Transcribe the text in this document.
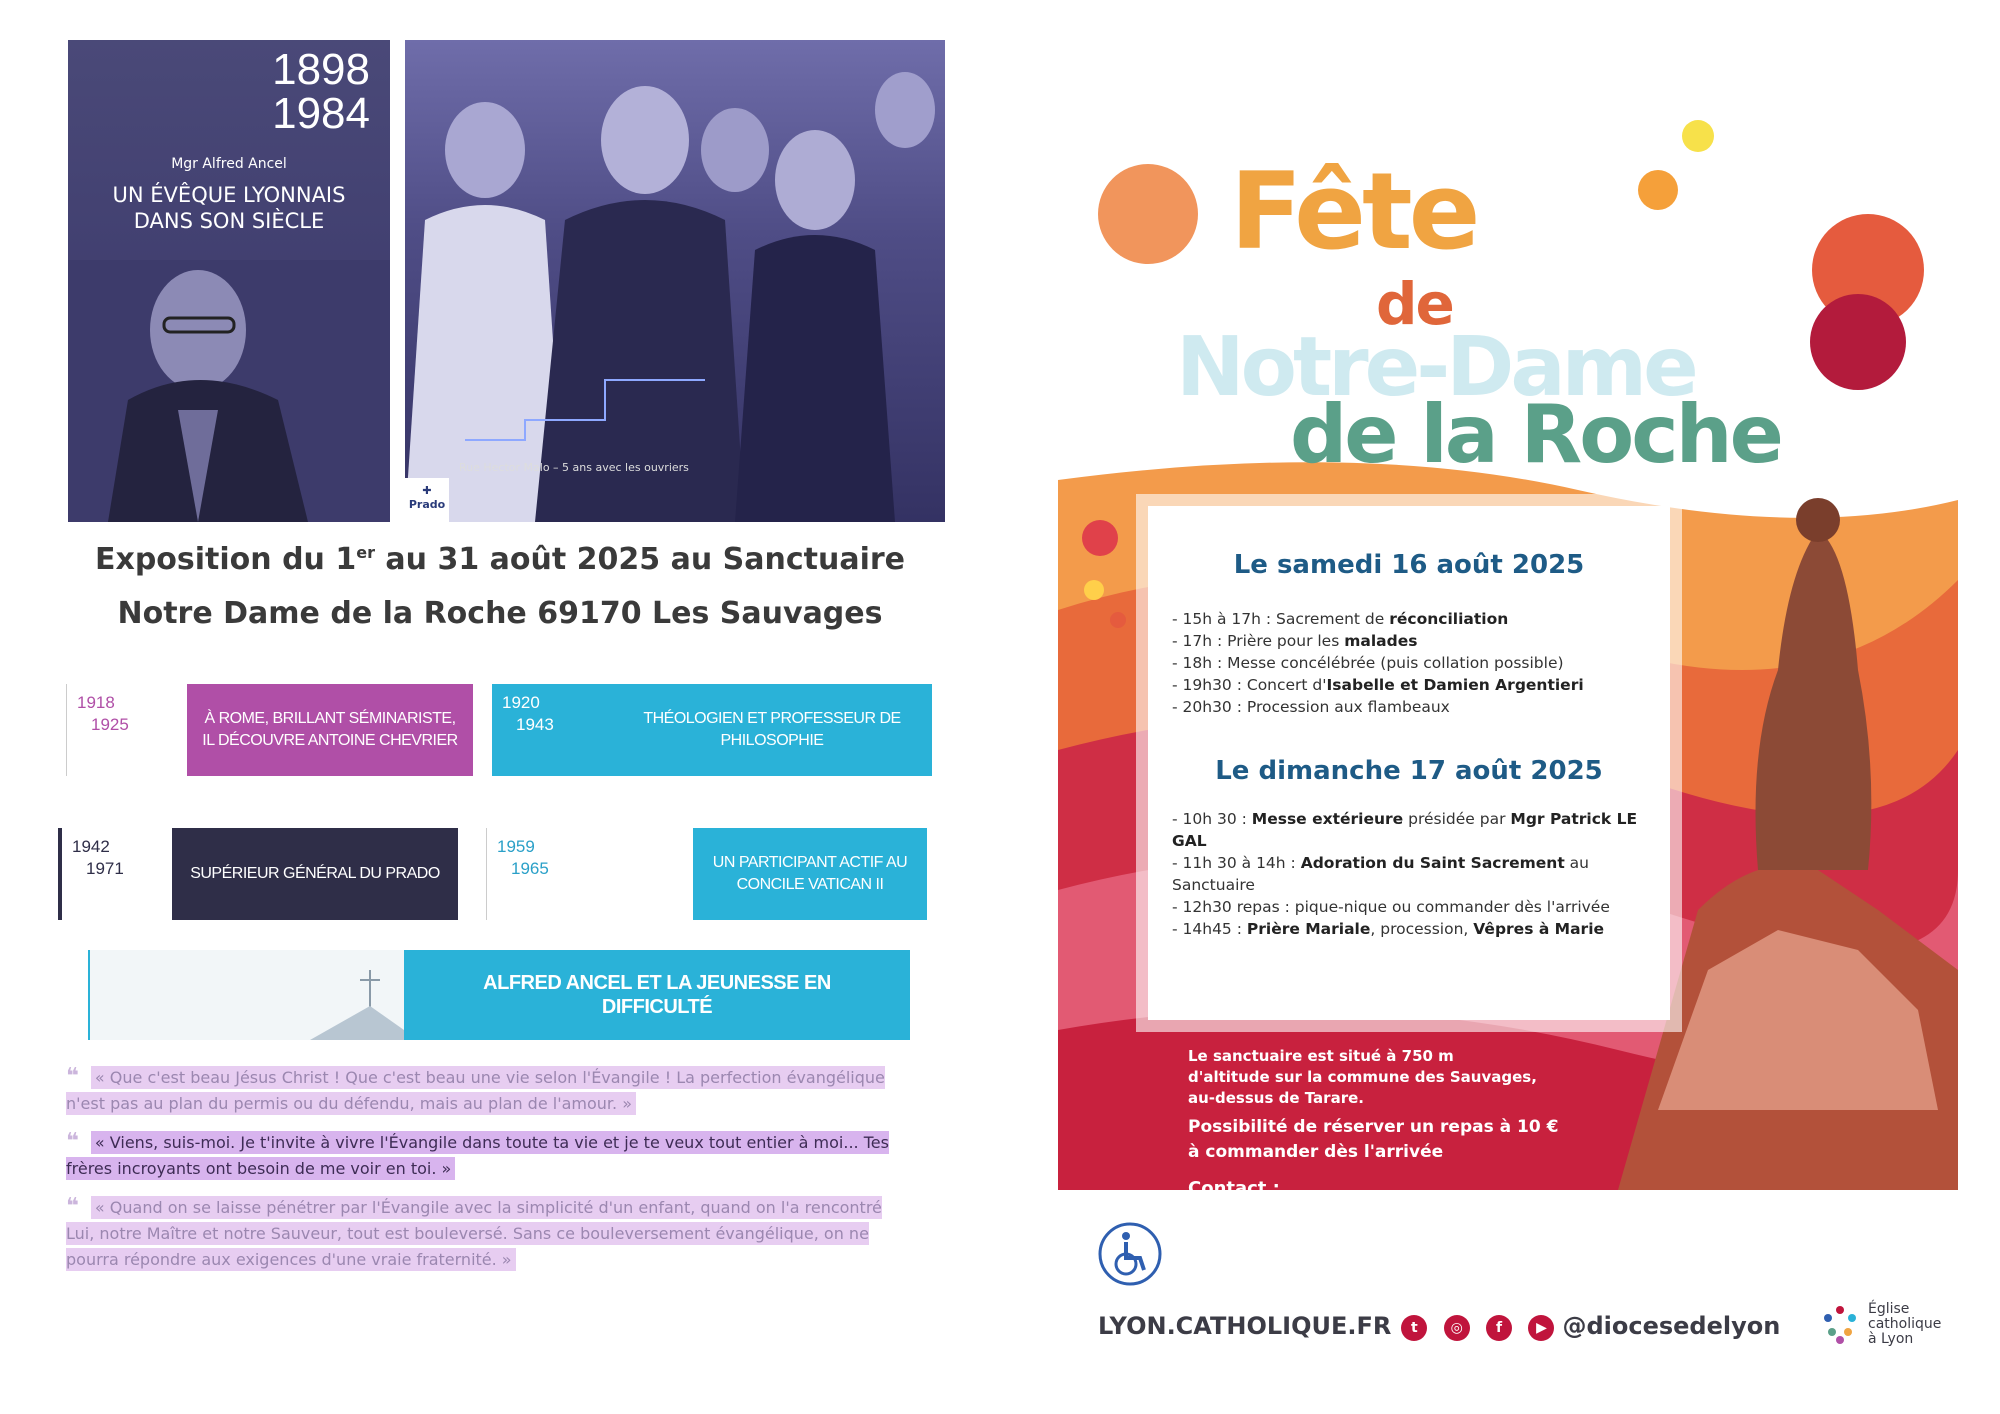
1898
1984
Mgr Alfred Ancel
UN ÉVÊQUE LYONNAIS
DANS SON SIÈCLE
Rue Hector Malo – 5 ans avec les ouvriers
✚
Prado
Exposition du 1er au 31 août 2025 au Sanctuaire
Notre Dame de la Roche 69170 Les Sauvages
1918
1925	À ROME, BRILLANT SÉMINARISTE, IL DÉCOUVRE ANTOINE CHEVRIER
1920
1943	THÉOLOGIEN ET PROFESSEUR DE PHILOSOPHIE
1942
1971	SUPÉRIEUR GÉNÉRAL DU PRADO
1959
1965	UN PARTICIPANT ACTIF AU CONCILE VATICAN II
ALFRED ANCEL ET LA JEUNESSE EN DIFFICULTÉ

❝ « Que c'est beau Jésus Christ ! Que c'est beau une vie selon l'Évangile ! La perfection évangélique n'est pas au plan du permis ou du défendu, mais au plan de l'amour. »

❝ « Viens, suis-moi. Je t'invite à vivre l'Évangile dans toute ta vie et je te veux tout entier à moi... Tes frères incroyants ont besoin de me voir en toi. »

❝ « Quand on se laisse pénétrer par l'Évangile avec la simplicité d'un enfant, quand on l'a rencontré Lui, notre Maître et notre Sauveur, tout est bouleversé. Sans ce bouleversement évangélique, on ne pourra répondre aux exigences d'une vraie fraternité. »

Fête
de
Notre-Dame
de la Roche
Le samedi 16 août 2025
- 15h à 17h : Sacrement de réconciliation
- 17h : Prière pour les malades
- 18h : Messe concélébrée (puis collation possible)
- 19h30 : Concert d'Isabelle et Damien Argentieri
- 20h30 : Procession aux flambeaux
Le dimanche 17 août 2025
- 10h 30 : Messe extérieure présidée par Mgr Patrick LE GAL
- 11h 30 à 14h : Adoration du Saint Sacrement au Sanctuaire
- 12h30 repas : pique-nique ou commander dès l'arrivée
- 14h45 : Prière Mariale, procession, Vêpres à Marie
Le sanctuaire est situé à 750 m
d'altitude sur la commune des Sauvages,
au-dessus de Tarare.
Possibilité de réserver un repas à 10 €
à commander dès l'arrivée
Contact :
dom.guillaumee@orange.fr
06 82 79 43 62
Sanctuaire Notre-Dame de la Roche
69170 LES SAUVAGES
LYON.CATHOLIQUE.FR	t ◎ f ▶ @diocesedelyon
Église
catholique
à Lyon
